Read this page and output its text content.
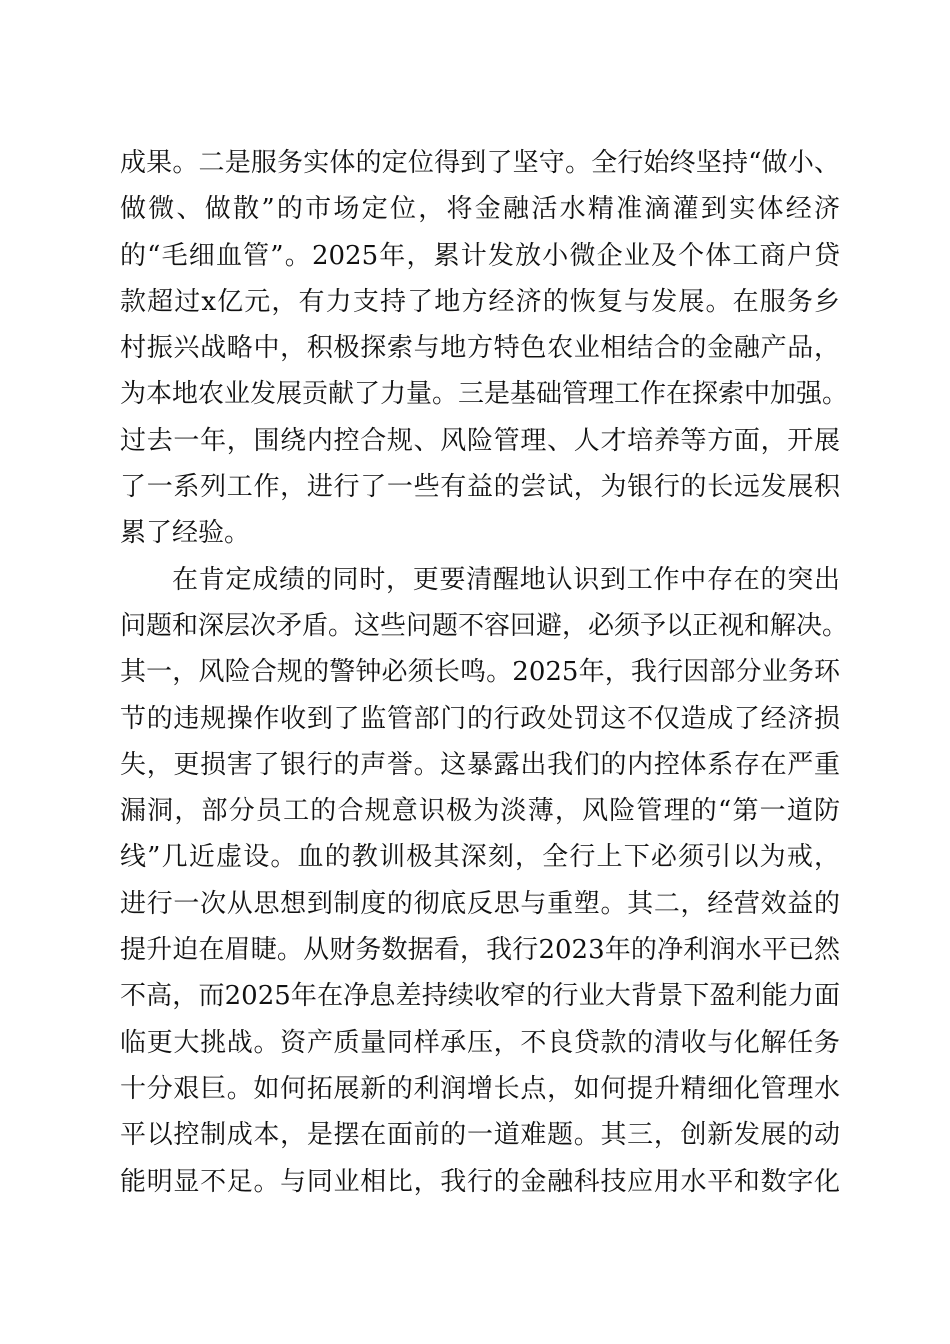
成果。二是服务实体的定位得到了坚守。全行始终坚持“做小、
做微、做散”的市场定位，将金融活水精准滴灌到实体经济
的“毛细血管”。2025年，累计发放小微企业及个体工商户贷
款超过x亿元，有力支持了地方经济的恢复与发展。在服务乡
村振兴战略中，积极探索与地方特色农业相结合的金融产品，
为本地农业发展贡献了力量。三是基础管理工作在探索中加强。
过去一年，围绕内控合规、风险管理、人才培养等方面，开展
了一系列工作，进行了一些有益的尝试，为银行的长远发展积
累了经验。
在肯定成绩的同时，更要清醒地认识到工作中存在的突出
问题和深层次矛盾。这些问题不容回避，必须予以正视和解决。
其一，风险合规的警钟必须长鸣。2025年，我行因部分业务环
节的违规操作收到了监管部门的行政处罚这不仅造成了经济损
失，更损害了银行的声誉。这暴露出我们的内控体系存在严重
漏洞，部分员工的合规意识极为淡薄，风险管理的“第一道防
线”几近虚设。血的教训极其深刻，全行上下必须引以为戒，
进行一次从思想到制度的彻底反思与重塑。其二，经营效益的
提升迫在眉睫。从财务数据看，我行2023年的净利润水平已然
不高，而2025年在净息差持续收窄的行业大背景下盈利能力面
临更大挑战。资产质量同样承压，不良贷款的清收与化解任务
十分艰巨。如何拓展新的利润增长点，如何提升精细化管理水
平以控制成本，是摆在面前的一道难题。其三，创新发展的动
能明显不足。与同业相比，我行的金融科技应用水平和数字化
